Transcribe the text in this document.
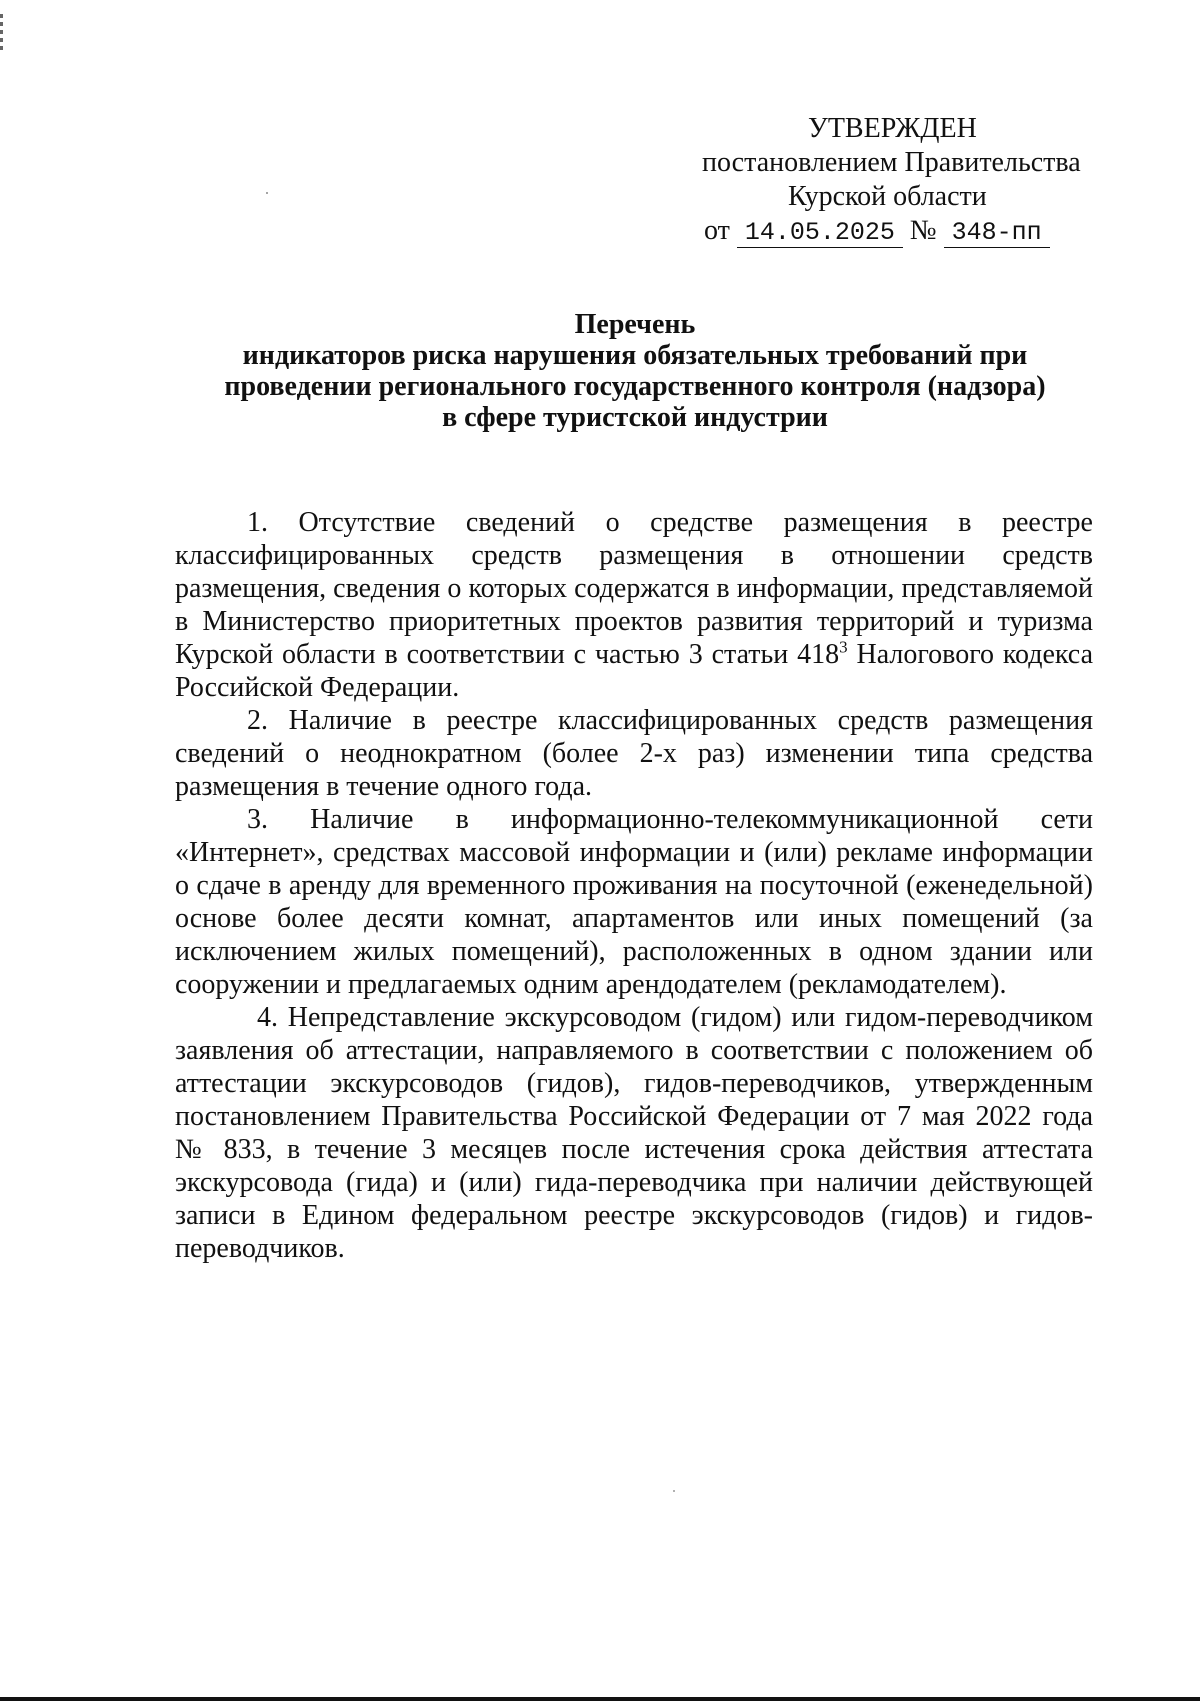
УТВЕРЖДЕН
постановлением Правительства
Курской области
от 14.05.2025 № 348-пп
Перечень
индикаторов риска нарушения обязательных требований при
проведении регионального государственного контроля (надзора)
в сфере туристской индустрии

1. Отсутствие сведений о средстве размещения в реестре классифицированных средств размещения в отношении средств размещения, сведения о которых содержатся в информации, представляемой в Министерство приоритетных проектов развития территорий и туризма Курской области в соответствии с частью 3 статьи $418^3$ Налогового кодекса Российской Федерации.

2. Наличие в реестре классифицированных средств размещения сведений о неоднократном (более 2-х раз) изменении типа средства размещения в течение одного года.

3. Наличие в информационно-телекоммуникационной сети «Интернет», средствах массовой информации и (или) рекламе информации о сдаче в аренду для временного проживания на посуточной (еженедельной) основе более десяти комнат, апартаментов или иных помещений (за исключением жилых помещений), расположенных в одном здании или сооружении и предлагаемых одним арендодателем (рекламодателем).

4. Непредставление экскурсоводом (гидом) или гидом-переводчиком заявления об аттестации, направляемого в соответствии с положением об аттестации экскурсоводов (гидов), гидов-переводчиков, утвержденным постановлением Правительства Российской Федерации от 7 мая 2022 года № 833, в течение 3 месяцев после истечения срока действия аттестата экскурсовода (гида) и (или) гида-переводчика при наличии действующей записи в Едином федеральном реестре экскурсоводов (гидов) и гидов-переводчиков.
